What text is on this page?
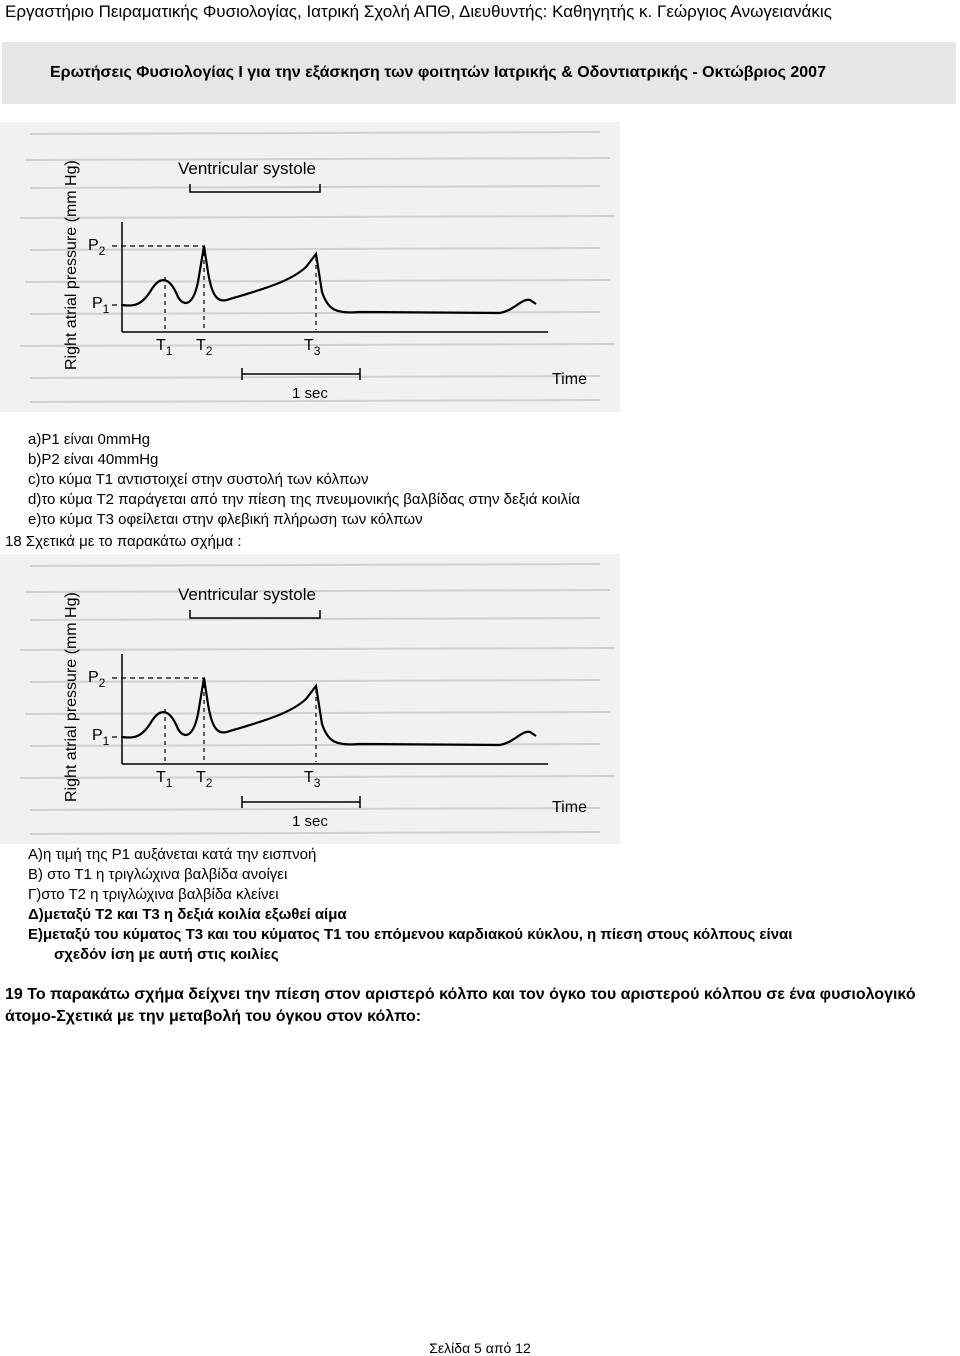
Εργαστήριο Πειραματικής Φυσιολογίας, Ιατρική Σχολή ΑΠΘ, Διευθυντής: Καθηγητής κ. Γεώργιος Ανωγειανάκις
Ερωτήσεις Φυσιολογίας Ι για την εξάσκηση των φοιτητών Ιατρικής & Οδοντιατρικής - Οκτώβριος 2007
Ventricular systole
Right atrial pressure (mm Hg) $P_2$
$P_1$
$T_1$ $T_2$	$T_3$
1 sec
Time
a)P1 είναι 0mmHg
b)P2 είναι 40mmHg
c)το κύμα Τ1 αντιστοιχεί στην συστολή των κόλπων
d)το κύμα Τ2 παράγεται από την πίεση της πνευμονικής βαλβίδας στην δεξιά κοιλία
e)το κύμα Τ3 οφείλεται στην φλεβική πλήρωση των κόλπων
18 Σχετικά με το παρακάτω σχήμα :
Ventricular systole
Right atrial pressure (mm Hg) $P_2$
$P_1$
$T_1$ $T_2$	$T_3$
1 sec
Time
Α)η τιμή της P1 αυξάνεται κατά την εισπνοή
Β) στο Τ1 η τριγλώχινα βαλβίδα ανοίγει
Γ)στο Τ2 η τριγλώχινα βαλβίδα κλείνει
Δ)μεταξύ Τ2 και Τ3 η δεξιά κοιλία εξωθεί αίμα
Ε)μεταξύ του κύματος Τ3 και του κύματος Τ1 του επόμενου καρδιακού κύκλου, η πίεση στους κόλπους είναι
σχεδόν ίση με αυτή στις κοιλίες
19 Το παρακάτω σχήμα δείχνει την πίεση στον αριστερό κόλπο και τον όγκο του αριστερού κόλπου σε ένα φυσιολογικό άτομο-Σχετικά με την μεταβολή του όγκου στον κόλπο:
Σελίδα 5 από 12
